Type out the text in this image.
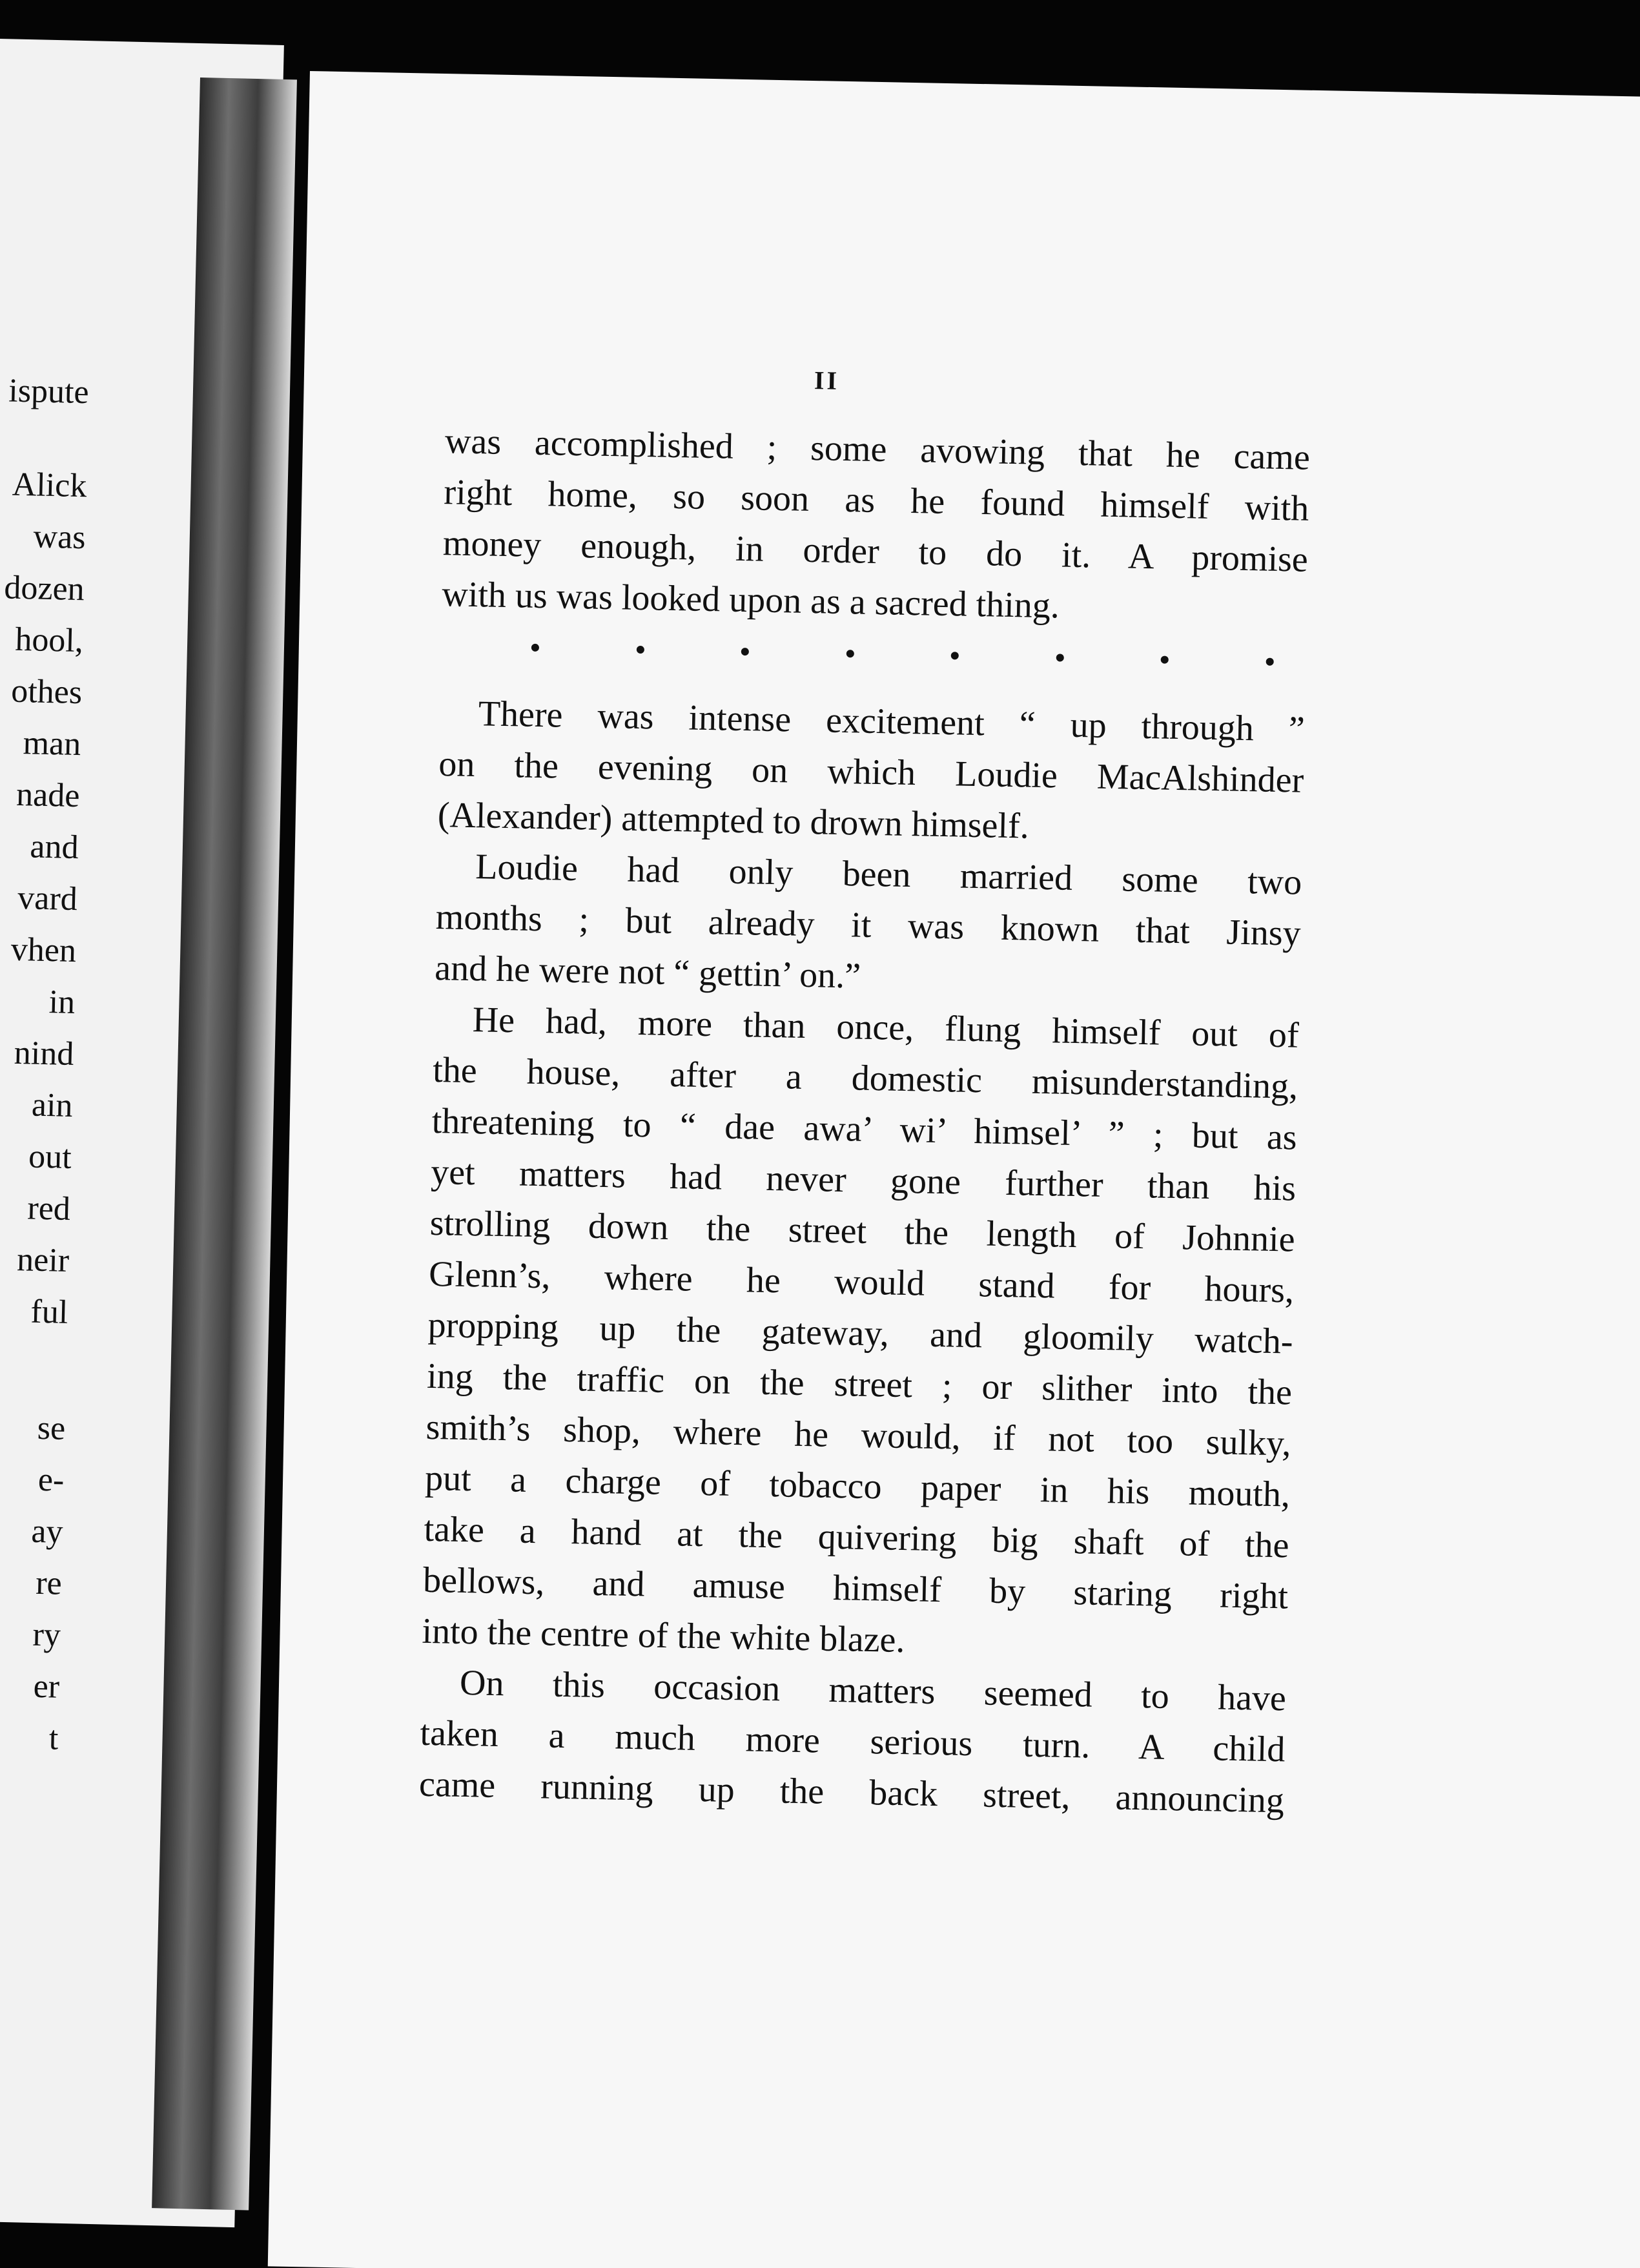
ispute
Alick
was
dozen
hool,
othes
man
nade
and
vard
vhen
in
nind
ain
out
red
neir
ful
se
e-
ay
re
ry
er
t
II

was accomplished ; some avowing that he came

right home, so soon as he found himself with

money enough, in order to do it. A promise

with us was looked upon as a sacred thing.

There was intense excitement “ up through ”

on the evening on which Loudie MacAlshinder

(Alexander) attempted to drown himself.

Loudie had only been married some two

months ; but already it was known that Jinsy

and he were not “ gettin’ on.”

He had, more than once, flung himself out of

the house, after a domestic misunderstanding,

threatening to “ dae awa’ wi’ himsel’ ” ; but as

yet matters had never gone further than his

strolling down the street the length of Johnnie

Glenn’s, where he would stand for hours,

propping up the gateway, and gloomily watch-

ing the traffic on the street ; or slither into the

smith’s shop, where he would, if not too sulky,

put a charge of tobacco paper in his mouth,

take a hand at the quivering big shaft of the

bellows, and amuse himself by staring right

into the centre of the white blaze.

On this occasion matters seemed to have

taken a much more serious turn. A child

came running up the back street, announcing
